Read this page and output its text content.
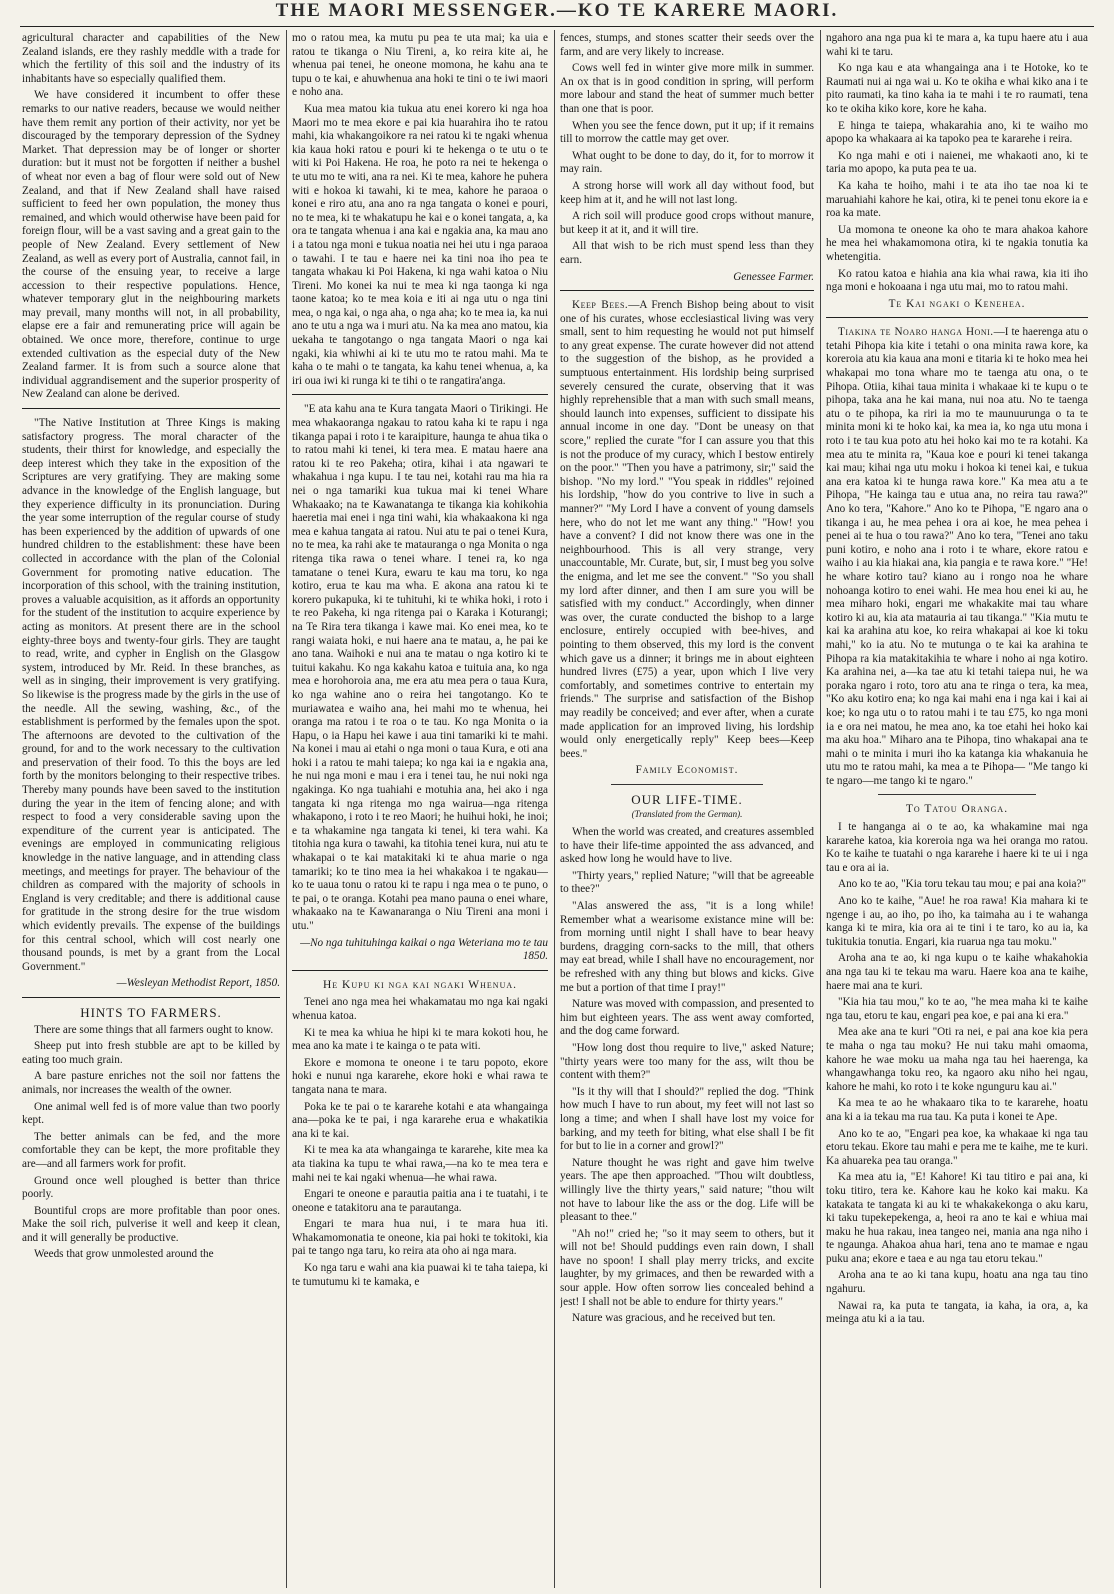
THE MAORI MESSENGER.—KO TE KARERE MAORI.

agricultural character and capabilities of the New Zealand islands, ere they rashly meddle with a trade for which the fertility of this soil and the industry of its inhabitants have so especially qualified them.

We have considered it incumbent to offer these remarks to our native readers, because we would neither have them remit any portion of their activity, nor yet be discouraged by the temporary depression of the Sydney Market. That depression may be of longer or shorter duration: but it must not be forgotten if neither a bushel of wheat nor even a bag of flour were sold out of New Zealand, and that if New Zealand shall have raised sufficient to feed her own population, the money thus remained, and which would otherwise have been paid for foreign flour, will be a vast saving and a great gain to the people of New Zealand. Every settlement of New Zealand, as well as every port of Australia, cannot fail, in the course of the ensuing year, to receive a large accession to their respective populations. Hence, whatever temporary glut in the neighbouring markets may prevail, many months will not, in all probability, elapse ere a fair and remunerating price will again be obtained. We once more, therefore, continue to urge extended cultivation as the especial duty of the New Zealand farmer. It is from such a source alone that individual aggrandisement and the superior prosperity of New Zealand can alone be derived.

"The Native Institution at Three Kings is making satisfactory progress. The moral character of the students, their thirst for knowledge, and especially the deep interest which they take in the exposition of the Scriptures are very gratifying. They are making some advance in the knowledge of the English language, but they experience difficulty in its pronunciation. During the year some interruption of the regular course of study has been experienced by the addition of upwards of one hundred children to the establishment: these have been collected in accordance with the plan of the Colonial Government for promoting native education. The incorporation of this school, with the training institution, proves a valuable acquisition, as it affords an opportunity for the student of the institution to acquire experience by acting as monitors. At present there are in the school eighty-three boys and twenty-four girls. They are taught to read, write, and cypher in English on the Glasgow system, introduced by Mr. Reid. In these branches, as well as in singing, their improvement is very gratifying. So likewise is the progress made by the girls in the use of the needle. All the sewing, washing, &c., of the establishment is performed by the females upon the spot. The afternoons are devoted to the cultivation of the ground, for and to the work necessary to the cultivation and preservation of their food. To this the boys are led forth by the monitors belonging to their respective tribes. Thereby many pounds have been saved to the institution during the year in the item of fencing alone; and with respect to food a very considerable saving upon the expenditure of the current year is anticipated. The evenings are employed in communicating religious knowledge in the native language, and in attending class meetings, and meetings for prayer. The behaviour of the children as compared with the majority of schools in England is very creditable; and there is additional cause for gratitude in the strong desire for the true wisdom which evidently prevails. The expense of the buildings for this central school, which will cost nearly one thousand pounds, is met by a grant from the Local Government."

—Wesleyan Methodist Report, 1850.
HINTS TO FARMERS.

There are some things that all farmers ought to know.

Sheep put into fresh stubble are apt to be killed by eating too much grain.

A bare pasture enriches not the soil nor fattens the animals, nor increases the wealth of the owner.

One animal well fed is of more value than two poorly kept.

The better animals can be fed, and the more comfortable they can be kept, the more profitable they are—and all farmers work for profit.

Ground once well ploughed is better than thrice poorly.

Bountiful crops are more profitable than poor ones. Make the soil rich, pulverise it well and keep it clean, and it will generally be productive.

Weeds that grow unmolested around the

mo o ratou mea, ka mutu pu pea te uta mai; ka uia e ratou te tikanga o Niu Tireni, a, ko reira kite ai, he whenua pai tenei, he oneone momona, he kahu ana te tupu o te kai, e ahuwhenua ana hoki te tini o te iwi maori e noho ana.

Kua mea matou kia tukua atu enei korero ki nga hoa Maori mo te mea ekore e pai kia huarahira iho te ratou mahi, kia whakangoikore ra nei ratou ki te ngaki whenua kia kaua hoki ratou e pouri ki te hekenga o te utu o te witi ki Poi Hakena. He roa, he poto ra nei te hekenga o te utu mo te witi, ana ra nei. Ki te mea, kahore he puhera witi e hokoa ki tawahi, ki te mea, kahore he paraoa o konei e riro atu, ana ano ra nga tangata o konei e pouri, no te mea, ki te whakatupu he kai e o konei tangata, a, ka ora te tangata whenua i ana kai e ngakia ana, ka mau ano i a tatou nga moni e tukua noatia nei hei utu i nga paraoa o tawahi. I te tau e haere nei ka tini noa iho pea te tangata whakau ki Poi Hakena, ki nga wahi katoa o Niu Tireni. Mo konei ka nui te mea ki nga taonga ki nga taone katoa; ko te mea koia e iti ai nga utu o nga tini mea, o nga kai, o nga aha, o nga aha; ko te mea ia, ka nui ano te utu a nga wa i muri atu. Na ka mea ano matou, kia uekaha te tangotango o nga tangata Maori o nga kai ngaki, kia whiwhi ai ki te utu mo te ratou mahi. Ma te kaha o te mahi o te tangata, ka kahu tenei whenua, a, ka iri oua iwi ki runga ki te tihi o te rangatira'anga.

"E ata kahu ana te Kura tangata Maori o Tirikingi. He mea whakaoranga ngakau to ratou kaha ki te rapu i nga tikanga papai i roto i te karaipiture, haunga te ahua tika o to ratou mahi ki tenei, ki tera mea. E matau haere ana ratou ki te reo Pakeha; otira, kihai i ata ngawari te whakahua i nga kupu. I te tau nei, kotahi rau ma hia ra nei o nga tamariki kua tukua mai ki tenei Whare Whakaako; na te Kawanatanga te tikanga kia kohikohia haeretia mai enei i nga tini wahi, kia whakaakona ki nga mea e kahua tangata ai ratou. Nui atu te pai o tenei Kura, no te mea, ka rahi ake te matauranga o nga Monita o nga ritenga tika rawa o tenei whare. I tenei ra, ko nga tamatane o tenei Kura, ewaru te kau ma toru, ko nga kotiro, erua te kau ma wha. E akona ana ratou ki te korero pukapuka, ki te tuhituhi, ki te whika hoki, i roto i te reo Pakeha, ki nga ritenga pai o Karaka i Koturangi; na Te Rira tera tikanga i kawe mai. Ko enei mea, ko te rangi waiata hoki, e nui haere ana te matau, a, he pai ke ano tana. Waihoki e nui ana te matau o nga kotiro ki te tuitui kakahu. Ko nga kakahu katoa e tuituia ana, ko nga mea e horohoroia ana, me era atu mea pera o taua Kura, ko nga wahine ano o reira hei tangotango. Ko te muriawatea e waiho ana, hei mahi mo te whenua, hei oranga ma ratou i te roa o te tau. Ko nga Monita o ia Hapu, o ia Hapu hei kawe i aua tini tamariki ki te mahi. Na konei i mau ai etahi o nga moni o taua Kura, e oti ana hoki i a ratou te mahi taiepa; ko nga kai ia e ngakia ana, he nui nga moni e mau i era i tenei tau, he nui noki nga ngakinga. Ko nga tuahiahi e motuhia ana, hei ako i nga tangata ki nga ritenga mo nga wairua—nga ritenga whakapono, i roto i te reo Maori; he huihui hoki, he inoi; e ta whakamine nga tangata ki tenei, ki tera wahi. Ka titohia nga kura o tawahi, ka titohia tenei kura, nui atu te whakapai o te kai matakitaki ki te ahua marie o nga tamariki; ko te tino mea ia hei whakakoa i te ngakau—ko te uaua tonu o ratou ki te rapu i nga mea o te puno, o te pai, o te oranga. Kotahi pea mano pauna o enei whare, whakaako na te Kawanaranga o Niu Tireni ana moni i utu."

—No nga tuhituhinga kaikai o nga Weteriana mo te tau 1850.
He Kupu ki nga kai ngaki Whenua.

Tenei ano nga mea hei whakamatau mo nga kai ngaki whenua katoa.

Ki te mea ka whiua he hipi ki te mara kokoti hou, he mea ano ka mate i te kainga o te pata witi.

Ekore e momona te oneone i te taru popoto, ekore hoki e nunui nga kararehe, ekore hoki e whai rawa te tangata nana te mara.

Poka ke te pai o te kararehe kotahi e ata whangainga ana—poka ke te pai, i nga kararehe erua e whakatikia ana ki te kai.

Ki te mea ka ata whangainga te kararehe, kite mea ka ata tiakina ka tupu te whai rawa,—na ko te mea tera e mahi nei te kai ngaki whenua—he whai rawa.

Engari te oneone e parautia paitia ana i te tuatahi, i te oneone e tatakitoru ana te parautanga.

Engari te mara hua nui, i te mara hua iti. Whakamomonatia te oneone, kia pai hoki te tokitoki, kia pai te tango nga taru, ko reira ata oho ai nga mara.

Ko nga taru e wahi ana kia puawai ki te taha taiepa, ki te tumutumu ki te kamaka, e

fences, stumps, and stones scatter their seeds over the farm, and are very likely to increase.

Cows well fed in winter give more milk in summer. An ox that is in good condition in spring, will perform more labour and stand the heat of summer much better than one that is poor.

When you see the fence down, put it up; if it remains till to morrow the cattle may get over.

What ought to be done to day, do it, for to morrow it may rain.

A strong horse will work all day without food, but keep him at it, and he will not last long.

A rich soil will produce good crops without manure, but keep it at it, and it will tire.

All that wish to be rich must spend less than they earn.

Genessee Farmer.

Keep Bees.—A French Bishop being about to visit one of his curates, whose ecclesiastical living was very small, sent to him requesting he would not put himself to any great expense. The curate however did not attend to the suggestion of the bishop, as he provided a sumptuous entertainment. His lordship being surprised severely censured the curate, observing that it was highly reprehensible that a man with such small means, should launch into expenses, sufficient to dissipate his annual income in one day. "Dont be uneasy on that score," replied the curate "for I can assure you that this is not the produce of my curacy, which I bestow entirely on the poor." "Then you have a patrimony, sir;" said the bishop. "No my lord." "You speak in riddles" rejoined his lordship, "how do you contrive to live in such a manner?" "My Lord I have a convent of young damsels here, who do not let me want any thing." "How! you have a convent? I did not know there was one in the neighbourhood. This is all very strange, very unaccountable, Mr. Curate, but, sir, I must beg you solve the enigma, and let me see the convent." "So you shall my lord after dinner, and then I am sure you will be satisfied with my conduct." Accordingly, when dinner was over, the curate conducted the bishop to a large enclosure, entirely occupied with bee-hives, and pointing to them observed, this my lord is the convent which gave us a dinner; it brings me in about eighteen hundred livres (£75) a year, upon which I live very comfortably, and sometimes contrive to entertain my friends." The surprise and satisfaction of the Bishop may readily be conceived; and ever after, when a curate made application for an improved living, his lordship would only energetically reply" Keep bees—Keep bees."

Family Economist.
OUR LIFE-TIME.
(Translated from the German).

When the world was created, and creatures assembled to have their life-time appointed the ass advanced, and asked how long he would have to live.

"Thirty years," replied Nature; "will that be agreeable to thee?"

"Alas answered the ass, "it is a long while! Remember what a wearisome existance mine will be: from morning until night I shall have to bear heavy burdens, dragging corn-sacks to the mill, that others may eat bread, while I shall have no encouragement, nor be refreshed with any thing but blows and kicks. Give me but a portion of that time I pray!"

Nature was moved with compassion, and presented to him but eighteen years. The ass went away comforted, and the dog came forward.

"How long dost thou require to live," asked Nature; "thirty years were too many for the ass, wilt thou be content with them?"

"Is it thy will that I should?" replied the dog. "Think how much I have to run about, my feet will not last so long a time; and when I shall have lost my voice for barking, and my teeth for biting, what else shall I be fit for but to lie in a corner and growl?"

Nature thought he was right and gave him twelve years. The ape then approached. "Thou wilt doubtless, willingly live the thirty years," said nature; "thou wilt not have to labour like the ass or the dog. Life will be pleasant to thee."

"Ah no!" cried he; "so it may seem to others, but it will not be! Should puddings even rain down, I shall have no spoon! I shall play merry tricks, and excite laughter, by my grimaces, and then be rewarded with a sour apple. How often sorrow lies concealed behind a jest! I shall not be able to endure for thirty years."

Nature was gracious, and he received but ten.

ngahoro ana nga pua ki te mara a, ka tupu haere atu i aua wahi ki te taru.

Ko nga kau e ata whangainga ana i te Hotoke, ko te Raumati nui ai nga wai u. Ko te okiha e whai kiko ana i te pito raumati, ka tino kaha ia te mahi i te ro raumati, tena ko te okiha kiko kore, kore he kaha.

E hinga te taiepa, whakarahia ano, ki te waiho mo apopo ka whakaara ai ka tapoko pea te kararehe i reira.

Ko nga mahi e oti i naienei, me whakaoti ano, ki te taria mo apopo, ka puta pea te ua.

Ka kaha te hoiho, mahi i te ata iho tae noa ki te maruahiahi kahore he kai, otira, ki te penei tonu ekore ia e roa ka mate.

Ua momona te oneone ka oho te mara ahakoa kahore he mea hei whakamomona otira, ki te ngakia tonutia ka whetengitia.

Ko ratou katoa e hiahia ana kia whai rawa, kia iti iho nga moni e hokoaana i nga utu mai, mo to ratou mahi.

Te Kai ngaki o Kenehea.

Tiakina te Noaro hanga Honi.—I te haerenga atu o tetahi Pihopa kia kite i tetahi o ona minita rawa kore, ka koreroia atu kia kaua ana moni e titaria ki te hoko mea hei whakapai mo tona whare mo te taenga atu ona, o te Pihopa. Otiia, kihai taua minita i whakaae ki te kupu o te pihopa, taka ana he kai mana, nui noa atu. No te taenga atu o te pihopa, ka riri ia mo te maunuurunga o ta te minita moni ki te hoko kai, ka mea ia, ko nga utu mona i roto i te tau kua poto atu hei hoko kai mo te ra kotahi. Ka mea atu te minita ra, "Kaua koe e pouri ki tenei takanga kai mau; kihai nga utu moku i hokoa ki tenei kai, e tukua ana era katoa ki te hunga rawa kore." Ka mea atu a te Pihopa, "He kainga tau e utua ana, no reira tau rawa?" Ano ko tera, "Kahore." Ano ko te Pihopa, "E ngaro ana o tikanga i au, he mea pehea i ora ai koe, he mea pehea i penei ai te hua o tou rawa?" Ano ko tera, "Tenei ano taku puni kotiro, e noho ana i roto i te whare, ekore ratou e waiho i au kia hiakai ana, kia pangia e te rawa kore." "He! he whare kotiro tau? kiano au i rongo noa he whare nohoanga kotiro to enei wahi. He mea hou enei ki au, he mea miharo hoki, engari me whakakite mai tau whare kotiro ki au, kia ata matauria ai tau tikanga." "Kia mutu te kai ka arahina atu koe, ko reira whakapai ai koe ki toku mahi," ko ia atu. No te mutunga o te kai ka arahina te Pihopa ra kia matakitakihia te whare i noho ai nga kotiro. Ka arahina nei, a—ka tae atu ki tetahi taiepa nui, he wa poraka ngaro i roto, toro atu ana te ringa o tera, ka mea, "Ko aku kotiro ena; ko nga kai mahi ena i nga kai i kai ai koe; ko nga utu o to ratou mahi i te tau £75, ko nga moni ia e ora nei matou, he mea ano, ka toe etahi hei hoko kai ma aku hoa." Miharo ana te Pihopa, tino whakapai ana te mahi o te minita i muri iho ka katanga kia whakanuia he utu mo te ratou mahi, ka mea a te Pihopa— "Me tango ki te ngaro—me tango ki te ngaro."

To Tatou Oranga.

I te hanganga ai o te ao, ka whakamine mai nga kararehe katoa, kia koreroia nga wa hei oranga mo ratou. Ko te kaihe te tuatahi o nga kararehe i haere ki te ui i nga tau e ora ai ia.

Ano ko te ao, "Kia toru tekau tau mou; e pai ana koia?"

Ano ko te kaihe, "Aue! he roa rawa! Kia mahara ki te ngenge i au, ao iho, po iho, ka taimaha au i te wahanga kanga ki te mira, kia ora ai te tini i te taro, ko au ia, ka tukitukia tonutia. Engari, kia ruarua nga tau moku."

Aroha ana te ao, ki nga kupu o te kaihe whakahokia ana nga tau ki te tekau ma waru. Haere koa ana te kaihe, haere mai ana te kuri.

"Kia hia tau mou," ko te ao, "he mea maha ki te kaihe nga tau, etoru te kau, engari pea koe, e pai ana ki era."

Mea ake ana te kuri "Oti ra nei, e pai ana koe kia pera te maha o nga tau moku? He nui taku mahi omaoma, kahore he wae moku ua maha nga tau hei haerenga, ka whangawhanga toku reo, ka ngaoro aku niho hei ngau, kahore he mahi, ko roto i te koke ngunguru kau ai."

Ka mea te ao he whakaaro tika to te kararehe, hoatu ana ki a ia tekau ma rua tau. Ka puta i konei te Ape.

Ano ko te ao, "Engari pea koe, ka whakaae ki nga tau etoru tekau. Ekore tau mahi e pera me te kaihe, me te kuri. Ka ahuareka pea tau oranga."

Ka mea atu ia, "E! Kahore! Ki tau titiro e pai ana, ki toku titiro, tera ke. Kahore kau he koko kai maku. Ka katakata te tangata ki au ki te whakakekonga o aku karu, ki taku tupekepekenga, a, heoi ra ano te kai e whiua mai maku he hua rakau, inea tangeo nei, mania ana nga niho i te ngaunga. Ahakoa ahua hari, tena ano te mamae e ngau puku ana; ekore e taea e au nga tau etoru tekau."

Aroha ana te ao ki tana kupu, hoatu ana nga tau tino ngahuru.

Nawai ra, ka puta te tangata, ia kaha, ia ora, a, ka meinga atu ki a ia tau.
